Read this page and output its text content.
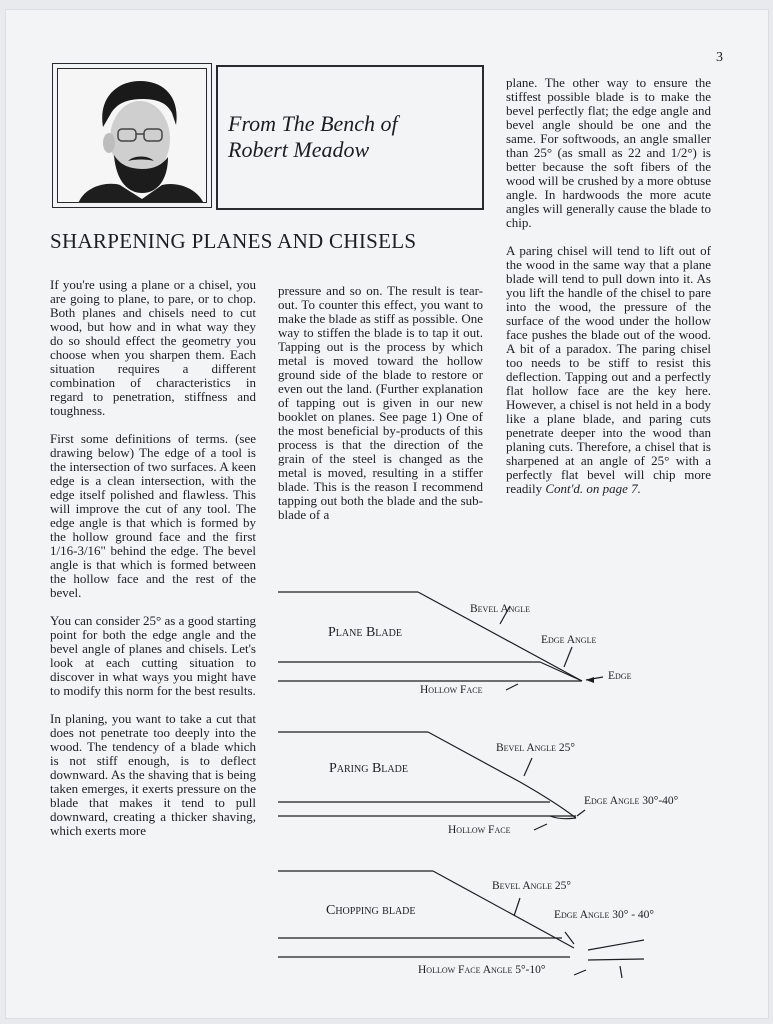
3
From The Bench of
Robert Meadow
SHARPENING PLANES AND CHISELS

If you're using a plane or a chisel, you are going to plane, to pare, or to chop. Both planes and chisels need to cut wood, but how and in what way they do so should effect the geometry you choose when you sharpen them. Each situation requires a different combination of characteristics in regard to penetration, stiffness and toughness.

First some definitions of terms. (see drawing below) The edge of a tool is the intersection of two surfaces. A keen edge is a clean intersection, with the edge itself polished and flawless. This will improve the cut of any tool. The edge angle is that which is formed by the hollow ground face and the first 1/16-3/16" behind the edge. The bevel angle is that which is formed between the hollow face and the rest of the bevel.

You can consider 25° as a good starting point for both the edge angle and the bevel angle of planes and chisels. Let's look at each cutting situation to discover in what ways you might have to modify this norm for the best results.

In planing, you want to take a cut that does not penetrate too deeply into the wood. The tendency of a blade which is not stiff enough, is to deflect downward. As the shaving that is being taken emerges, it exerts pressure on the blade that makes it tend to pull downward, creating a thicker shaving, which exerts more

pressure and so on. The result is tear-out. To counter this effect, you want to make the blade as stiff as possible. One way to stiffen the blade is to tap it out. Tapping out is the process by which metal is moved toward the hollow ground side of the blade to restore or even out the land. (Further explanation of tapping out is given in our new booklet on planes. See page 1) One of the most beneficial by-products of this process is that the direction of the grain of the steel is changed as the metal is moved, resulting in a stiffer blade. This is the reason I recommend tapping out both the blade and the sub-blade of a

plane. The other way to ensure the stiffest possible blade is to make the bevel perfectly flat; the edge angle and bevel angle should be one and the same. For softwoods, an angle smaller than 25° (as small as 22 and 1/2°) is better because the soft fibers of the wood will be crushed by a more obtuse angle. In hardwoods the more acute angles will generally cause the blade to chip.

A paring chisel will tend to lift out of the wood in the same way that a plane blade will tend to pull down into it. As you lift the handle of the chisel to pare into the wood, the pressure of the surface of the wood under the hollow face pushes the blade out of the wood. A bit of a paradox. The paring chisel too needs to be stiff to resist this deflection. Tapping out and a perfectly flat hollow face are the key here. However, a chisel is not held in a body like a plane blade, and paring cuts penetrate deeper into the wood than planing cuts. Therefore, a chisel that is sharpened at an angle of 25° with a perfectly flat bevel will chip more readily Cont'd. on page 7.

Plane Blade
Bevel Angle
Edge Angle
Edge
Hollow Face
Paring Blade
Bevel Angle 25°
Edge Angle 30°-40°
Hollow Face
Chopping blade
Bevel Angle 25°
Edge Angle 30° - 40°
Hollow Face Angle 5°-10°
